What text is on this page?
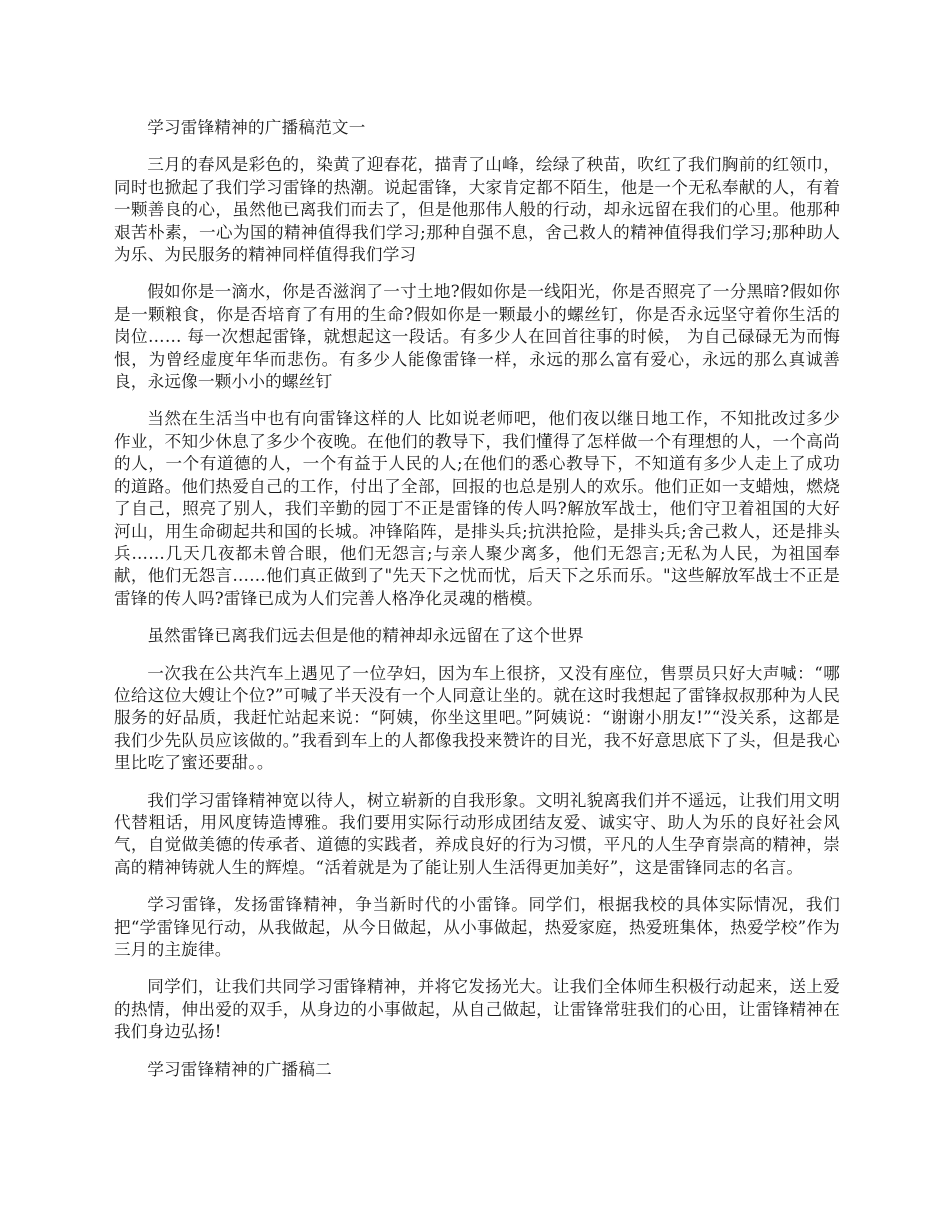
学习雷锋精神的广播稿范文一

三月的春风是彩色的，染黄了迎春花，描青了山峰，绘绿了秧苗，吹红了我们胸前的红领巾，同时也掀起了我们学习雷锋的热潮。说起雷锋，大家肯定都不陌生，他是一个无私奉献的人，有着一颗善良的心，虽然他已离我们而去了，但是他那伟人般的行动，却永远留在我们的心里。他那种艰苦朴素，一心为国的精神值得我们学习;那种自强不息，舍己救人的精神值得我们学习;那种助人为乐、为民服务的精神同样值得我们学习

假如你是一滴水，你是否滋润了一寸土地?假如你是一线阳光，你是否照亮了一分黑暗?假如你是一颗粮食，你是否培育了有用的生命?假如你是一颗最小的螺丝钉，你是否永远坚守着你生活的岗位…… 每一次想起雷锋，就想起这一段话。有多少人在回首往事的时候， 为自己碌碌无为而悔恨，为曾经虚度年华而悲伤。有多少人能像雷锋一样，永远的那么富有爱心，永远的那么真诚善良，永远像一颗小小的螺丝钉

当然在生活当中也有向雷锋这样的人 比如说老师吧，他们夜以继日地工作，不知批改过多少作业，不知少休息了多少个夜晚。在他们的教导下，我们懂得了怎样做一个有理想的人，一个高尚的人，一个有道德的人，一个有益于人民的人;在他们的悉心教导下，不知道有多少人走上了成功的道路。他们热爱自己的工作，付出了全部，回报的也总是别人的欢乐。他们正如一支蜡烛，燃烧了自己，照亮了别人，我们辛勤的园丁不正是雷锋的传人吗?解放军战士，他们守卫着祖国的大好河山，用生命砌起共和国的长城。冲锋陷阵，是排头兵;抗洪抢险，是排头兵;舍己救人，还是排头兵……几天几夜都未曾合眼，他们无怨言;与亲人聚少离多，他们无怨言;无私为人民，为祖国奉献，他们无怨言……他们真正做到了"先天下之忧而忧，后天下之乐而乐。"这些解放军战士不正是雷锋的传人吗?雷锋已成为人们完善人格净化灵魂的楷模。

虽然雷锋已离我们远去但是他的精神却永远留在了这个世界

一次我在公共汽车上遇见了一位孕妇，因为车上很挤，又没有座位，售票员只好大声喊：“哪位给这位大嫂让个位?”可喊了半天没有一个人同意让坐的。就在这时我想起了雷锋叔叔那种为人民服务的好品质，我赶忙站起来说：“阿姨，你坐这里吧。”阿姨说：“谢谢小朋友!”“没关系，这都是我们少先队员应该做的。”我看到车上的人都像我投来赞许的目光，我不好意思底下了头，但是我心里比吃了蜜还要甜。。

我们学习雷锋精神宽以待人，树立崭新的自我形象。文明礼貌离我们并不遥远，让我们用文明代替粗话，用风度铸造博雅。我们要用实际行动形成团结友爱、诚实守、助人为乐的良好社会风气，自觉做美德的传承者、道德的实践者，养成良好的行为习惯，平凡的人生孕育崇高的精神，崇高的精神铸就人生的辉煌。“活着就是为了能让别人生活得更加美好”，这是雷锋同志的名言。

学习雷锋，发扬雷锋精神，争当新时代的小雷锋。同学们，根据我校的具体实际情况，我们把“学雷锋见行动，从我做起，从今日做起，从小事做起，热爱家庭，热爱班集体，热爱学校”作为三月的主旋律。

同学们，让我们共同学习雷锋精神，并将它发扬光大。让我们全体师生积极行动起来，送上爱的热情，伸出爱的双手，从身边的小事做起，从自己做起，让雷锋常驻我们的心田，让雷锋精神在我们身边弘扬!

学习雷锋精神的广播稿二
